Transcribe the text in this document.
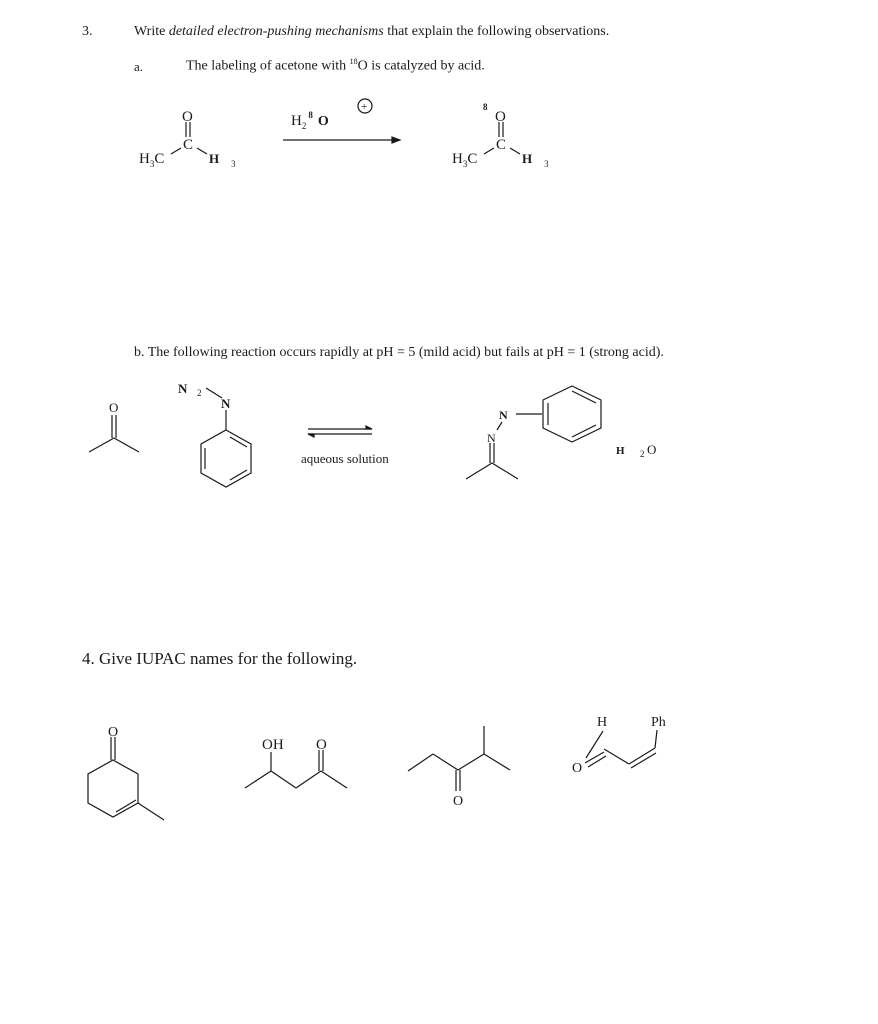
3.	Write detailed electron-pushing mechanisms that explain the following observations.
a.	The labeling of acetone with $^{18}$O is catalyzed by acid.
b. The following reaction occurs rapidly at pH = 5 (mild acid) but fails at pH = 1 (strong acid).
4. Give IUPAC names for the following.
O
C
$H_3C$	H $_3$
$H_2^8$ O
+	8
O
C
$H_3C$	H $_3$
O
N 2
N
aqueous solution
N
N
H 2 O
O
OH O
O
H	Ph
O
